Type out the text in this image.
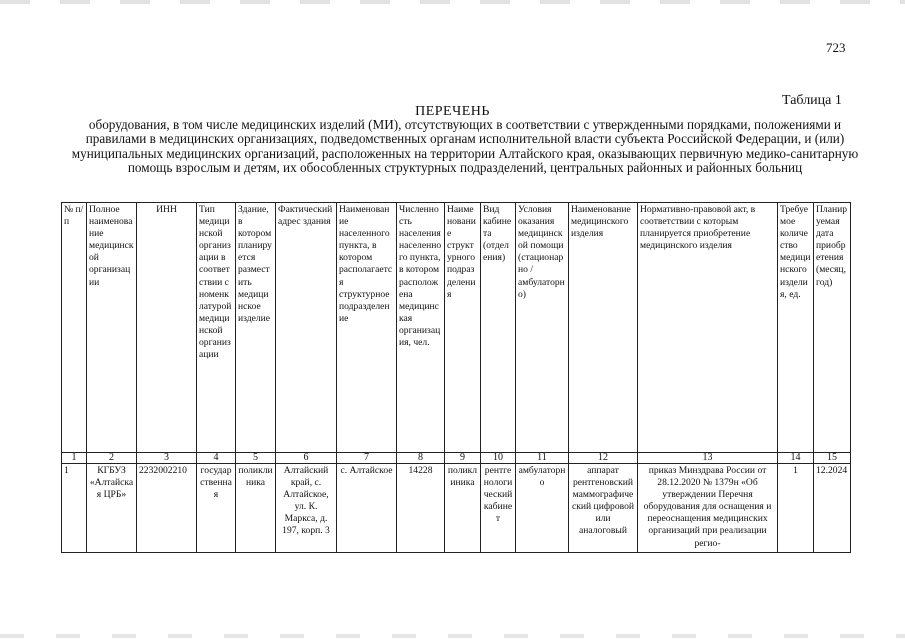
723
Таблица 1
ПЕРЕЧЕНЬ
оборудования, в том числе медицинских изделий (МИ), отсутствующих в соответствии с утвержденными порядками, положениями и правилами в медицинских организациях, подведомственных органам исполнительной власти субъекта Российской Федерации, и (или) муниципальных медицинских организаций, расположенных на территории Алтайского края, оказывающих первичную медико-санитарную помощь взрослым и детям, их обособленных структурных подразделений, центральных районных и районных больниц
№ п/п	Полное наименование медицинской организации	ИНН	Тип медицинской организации в соответствии с номенклатурой медицинской организации	Здание, в котором планируется разместить медицинское изделие	Фактический адрес здания	Наименование населенного пункта, в котором располагается структурное подразделение	Численность населения населенного пункта, в котором расположена медицинская организация, чел.	Наименование структурного подразделения	Вид кабинета (отделения)	Условия оказания медицинской помощи (стационарно /амбулаторно)	Наименование медицинского изделия	Нормативно-правовой акт, в соответствии с которым планируется приобретение медицинского изделия	Требуемое количество медицинского изделия, ед.	Планируемая дата приобретения (месяц, год)
1	2	3	4	5	6	7	8	9	10	11	12	13	14	15
1	КГБУЗ «Алтайская ЦРБ»	2232002210	государственная	поликлиника	Алтайский край, с. Алтайское, ул. К. Маркса, д. 197, корп. 3	с. Алтайское	14228	поликлиника	рентгенологический кабинет	амбулаторно	аппарат рентгеновский маммографический цифровой или аналоговый	приказ Минздрава России от 28.12.2020 № 1379н «Об утверждении Перечня оборудования для оснащения и переоснащения медицинских организаций при реализации регио-	1	12.2024
